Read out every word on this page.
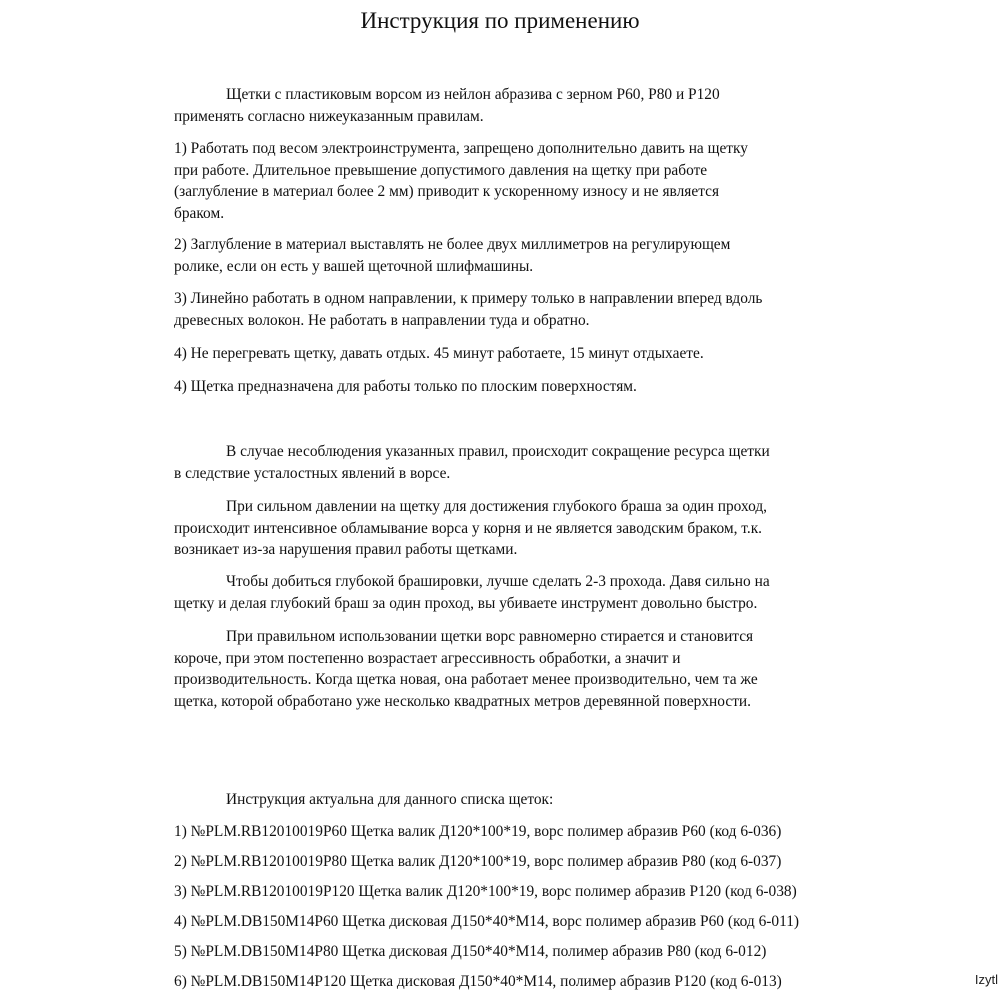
Инструкция по применению
Щетки с пластиковым ворсом из нейлон абразива с зерном P60, P80 и P120
применять согласно нижеуказанным правилам.
1) Работать под весом электроинструмента, запрещено дополнительно давить на щетку
при работе. Длительное превышение допустимого давления на щетку при работе
(заглубление в материал более 2 мм) приводит к ускоренному износу и не является
браком.
2) Заглубление в материал выставлять не более двух миллиметров на регулирующем
ролике, если он есть у вашей щеточной шлифмашины.
3) Линейно работать в одном направлении, к примеру только в направлении вперед вдоль
древесных волокон. Не работать в направлении туда и обратно.
4) Не перегревать щетку, давать отдых. 45 минут работаете, 15 минут отдыхаете.
4) Щетка предназначена для работы только по плоским поверхностям.
В случае несоблюдения указанных правил, происходит сокращение ресурса щетки
в следствие усталостных явлений в ворсе.
При сильном давлении на щетку для достижения глубокого браша за один проход,
происходит интенсивное обламывание ворса у корня и не является заводским браком, т.к.
возникает из-за нарушения правил работы щетками.
Чтобы добиться глубокой брашировки, лучше сделать 2-3 прохода. Давя сильно на
щетку и делая глубокий браш за один проход, вы убиваете инструмент довольно быстро.
При правильном использовании щетки ворс равномерно стирается и становится
короче, при этом постепенно возрастает агрессивность обработки, а значит и
производительность. Когда щетка новая, она работает менее производительно, чем та же
щетка, которой обработано уже несколько квадратных метров деревянной поверхности.
Инструкция актуальна для данного списка щеток:
1) №PLM.RB12010019P60 Щетка валик Д120*100*19, ворс полимер абразив P60 (код 6-036)
2) №PLM.RB12010019P80 Щетка валик Д120*100*19, ворс полимер абразив P80 (код 6-037)
3) №PLM.RB12010019P120 Щетка валик Д120*100*19, ворс полимер абразив P120 (код 6-038)
4) №PLM.DB150M14P60 Щетка дисковая Д150*40*M14, ворс полимер абразив P60 (код 6-011)
5) №PLM.DB150M14P80 Щетка дисковая Д150*40*M14, полимер абразив P80 (код 6-012)
6) №PLM.DB150M14P120 Щетка дисковая Д150*40*M14, полимер абразив P120 (код 6-013)	Izytl
